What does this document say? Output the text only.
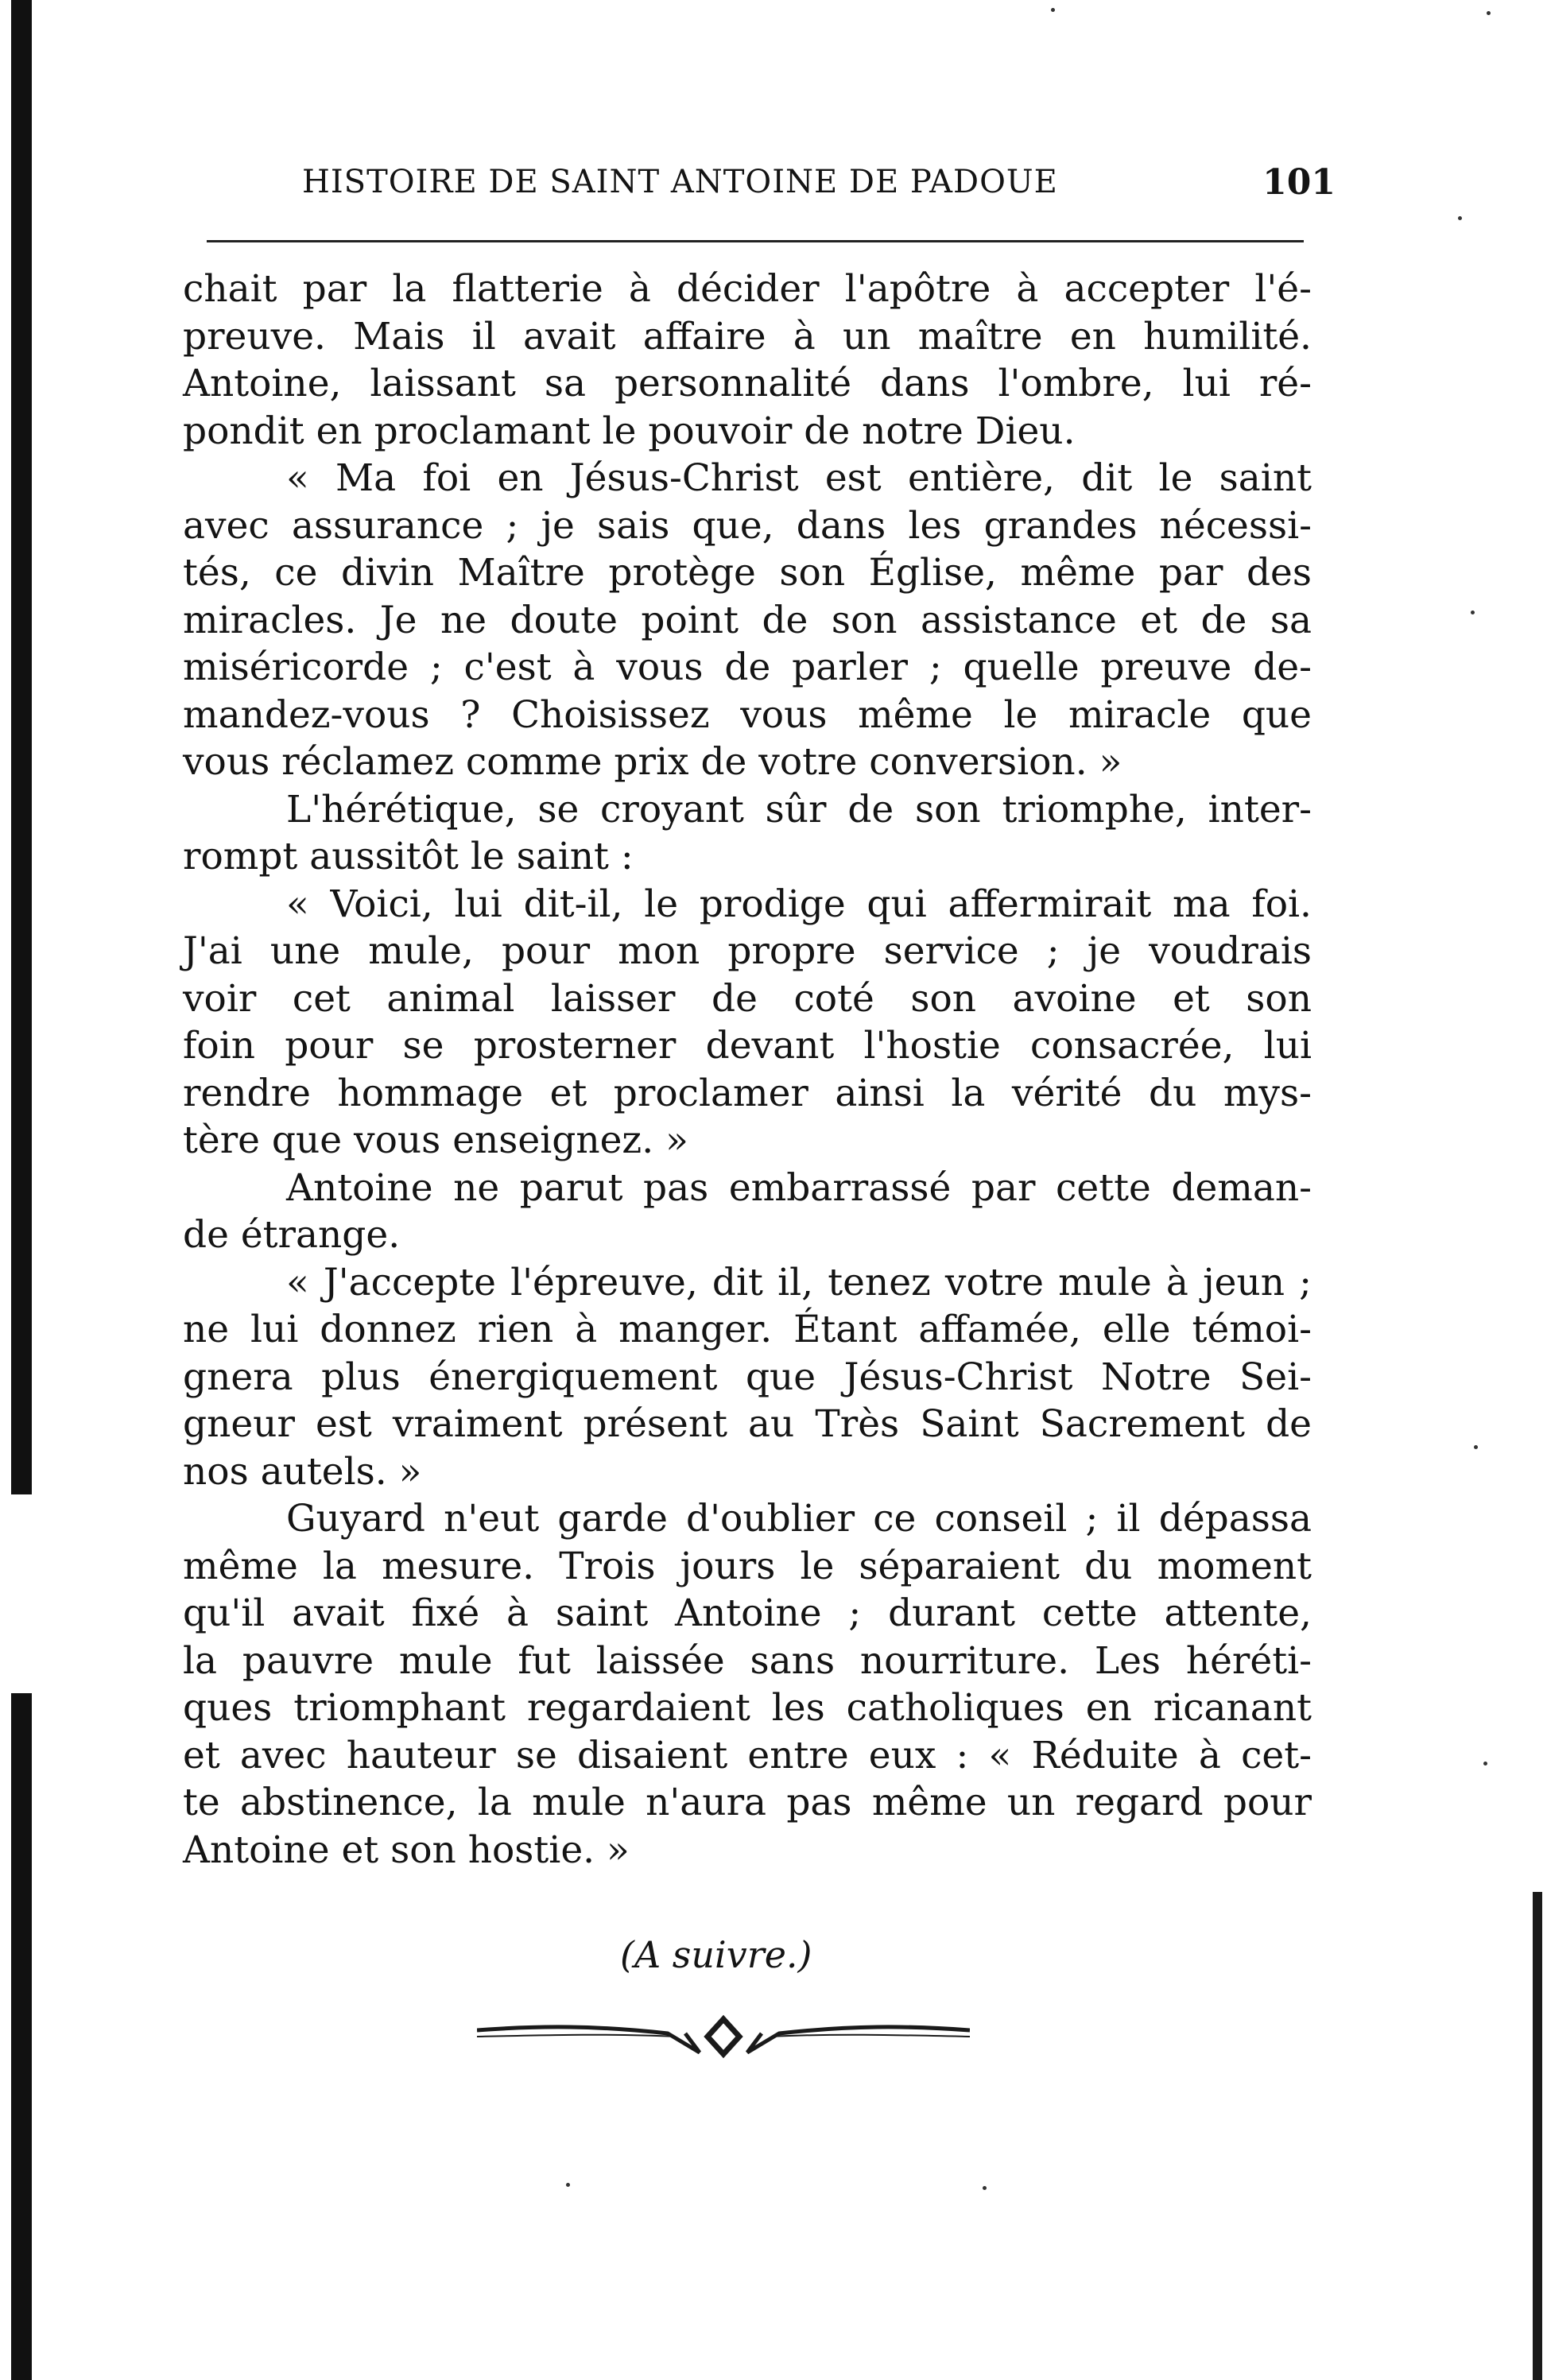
HISTOIRE DE SAINT ANTOINE DE PADOUE	101
chait par la flatterie à décider l'apôtre à accepter l'é-
preuve. Mais il avait affaire à un maître en humilité.
Antoine, laissant sa personnalité dans l'ombre, lui ré-
pondit en proclamant le pouvoir de notre Dieu.
« Ma foi en Jésus-Christ est entière, dit le saint
avec assurance ; je sais que, dans les grandes nécessi-
tés, ce divin Maître protège son Église, même par des
miracles. Je ne doute point de son assistance et de sa
miséricorde ; c'est à vous de parler ; quelle preuve de-
mandez-vous ? Choisissez vous même le miracle que
vous réclamez comme prix de votre conversion. »
L'hérétique, se croyant sûr de son triomphe, inter-
rompt aussitôt le saint :
« Voici, lui dit-il, le prodige qui affermirait ma foi.
J'ai une mule, pour mon propre service ; je voudrais
voir cet animal laisser de coté son avoine et son
foin pour se prosterner devant l'hostie consacrée, lui
rendre hommage et proclamer ainsi la vérité du mys-
tère que vous enseignez. »
Antoine ne parut pas embarrassé par cette deman-
de étrange.
« J'accepte l'épreuve, dit il, tenez votre mule à jeun ;
ne lui donnez rien à manger. Étant affamée, elle témoi-
gnera plus énergiquement que Jésus-Christ Notre Sei-
gneur est vraiment présent au Très Saint Sacrement de
nos autels. »
Guyard n'eut garde d'oublier ce conseil ; il dépassa
même la mesure. Trois jours le séparaient du moment
qu'il avait fixé à saint Antoine ; durant cette attente,
la pauvre mule fut laissée sans nourriture. Les héréti-
ques triomphant regardaient les catholiques en ricanant
et avec hauteur se disaient entre eux : « Réduite à cet-
te abstinence, la mule n'aura pas même un regard pour
Antoine et son hostie. »
(A suivre.)
